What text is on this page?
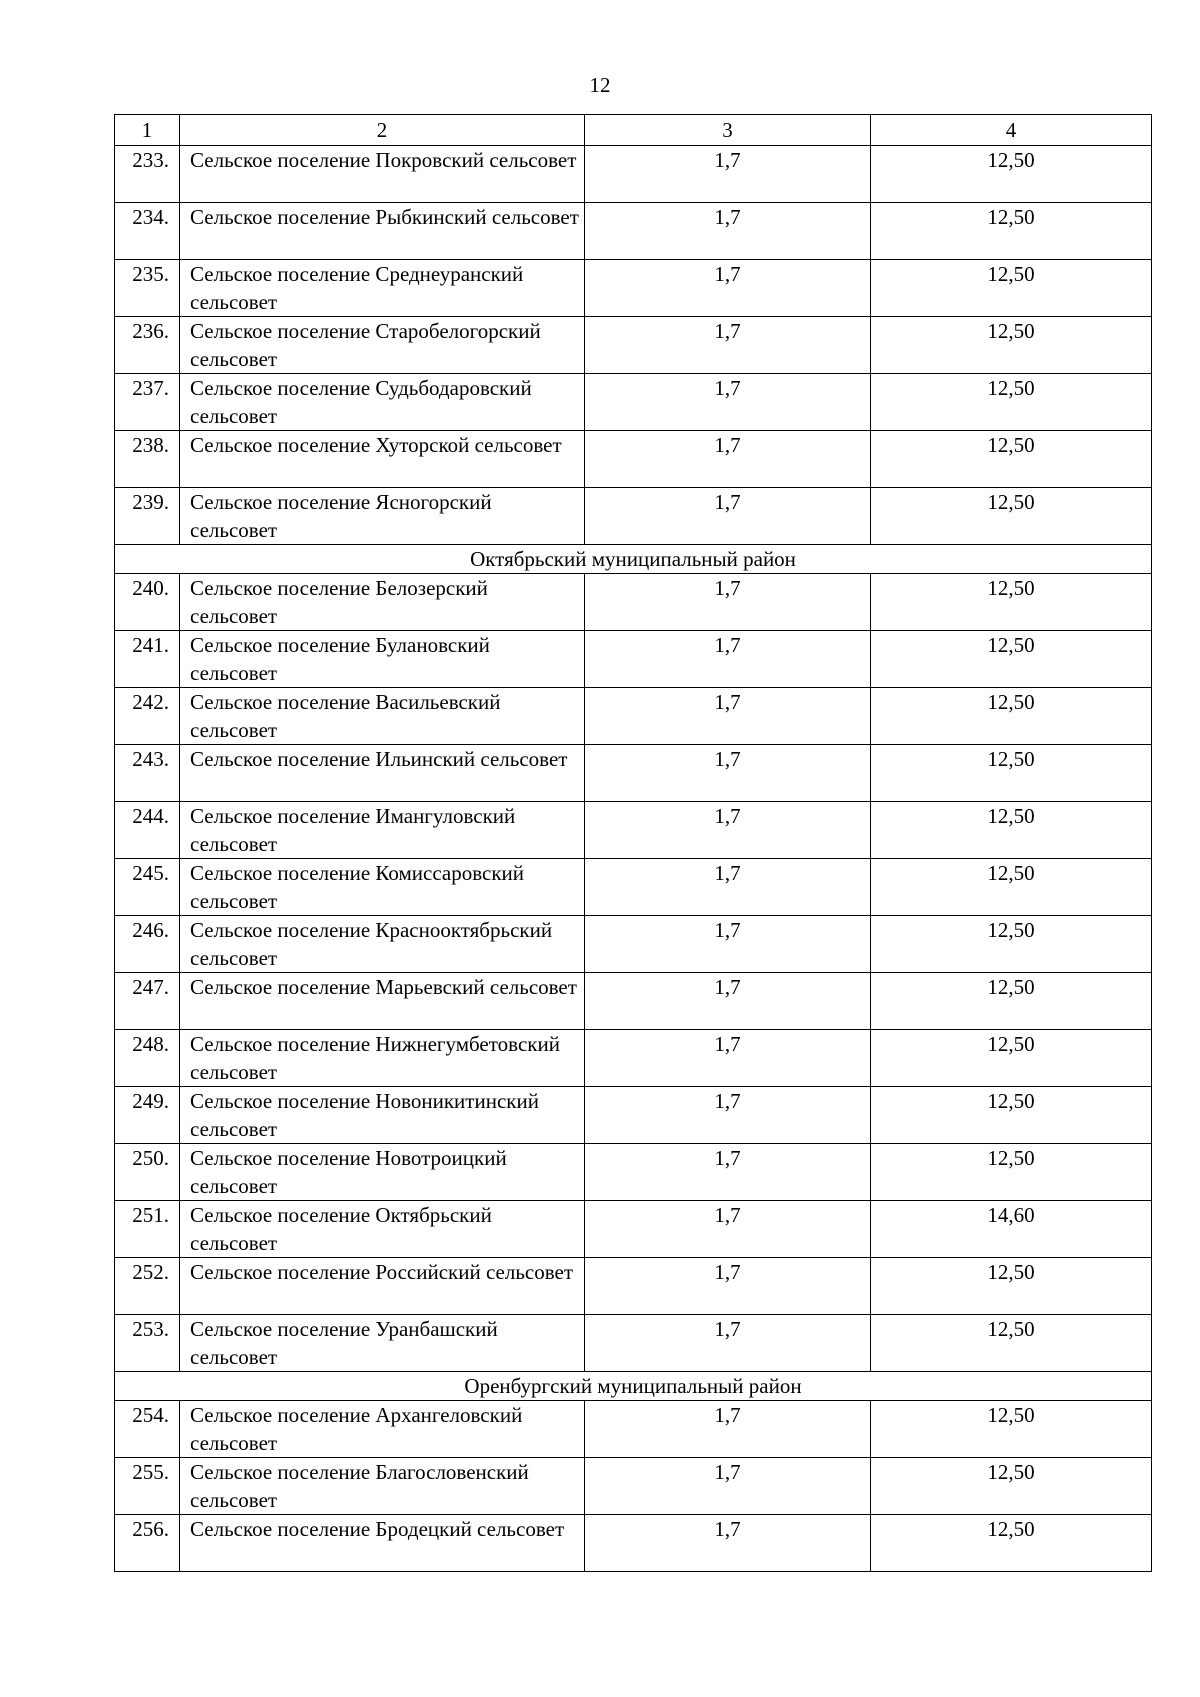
12
1	2	3	4
233.	Сельское поселение Покровский сельсовет	1,7	12,50
234.	Сельское поселение Рыбкинский сельсовет	1,7	12,50
235.	Сельское поселение Среднеуранский сельсовет	1,7	12,50
236.	Сельское поселение Старобелогорский сельсовет	1,7	12,50
237.	Сельское поселение Судьбодаровский сельсовет	1,7	12,50
238.	Сельское поселение Хуторской сельсовет	1,7	12,50
239.	Сельское поселение Ясногорский сельсовет	1,7	12,50
Октябрьский муниципальный район			
240.	Сельское поселение Белозерский сельсовет	1,7	12,50
241.	Сельское поселение Булановский сельсовет	1,7	12,50
242.	Сельское поселение Васильевский сельсовет	1,7	12,50
243.	Сельское поселение Ильинский сельсовет	1,7	12,50
244.	Сельское поселение Имангуловский сельсовет	1,7	12,50
245.	Сельское поселение Комиссаровский сельсовет	1,7	12,50
246.	Сельское поселение Краснооктябрьский сельсовет	1,7	12,50
247.	Сельское поселение Марьевский сельсовет	1,7	12,50
248.	Сельское поселение Нижнегумбетовский сельсовет	1,7	12,50
249.	Сельское поселение Новоникитинский сельсовет	1,7	12,50
250.	Сельское поселение Новотроицкий сельсовет	1,7	12,50
251.	Сельское поселение Октябрьский сельсовет	1,7	14,60
252.	Сельское поселение Российский сельсовет	1,7	12,50
253.	Сельское поселение Уранбашский сельсовет	1,7	12,50
Оренбургский муниципальный район			
254.	Сельское поселение Архангеловский сельсовет	1,7	12,50
255.	Сельское поселение Благословенский сельсовет	1,7	12,50
256.	Сельское поселение Бродецкий сельсовет	1,7	12,50
